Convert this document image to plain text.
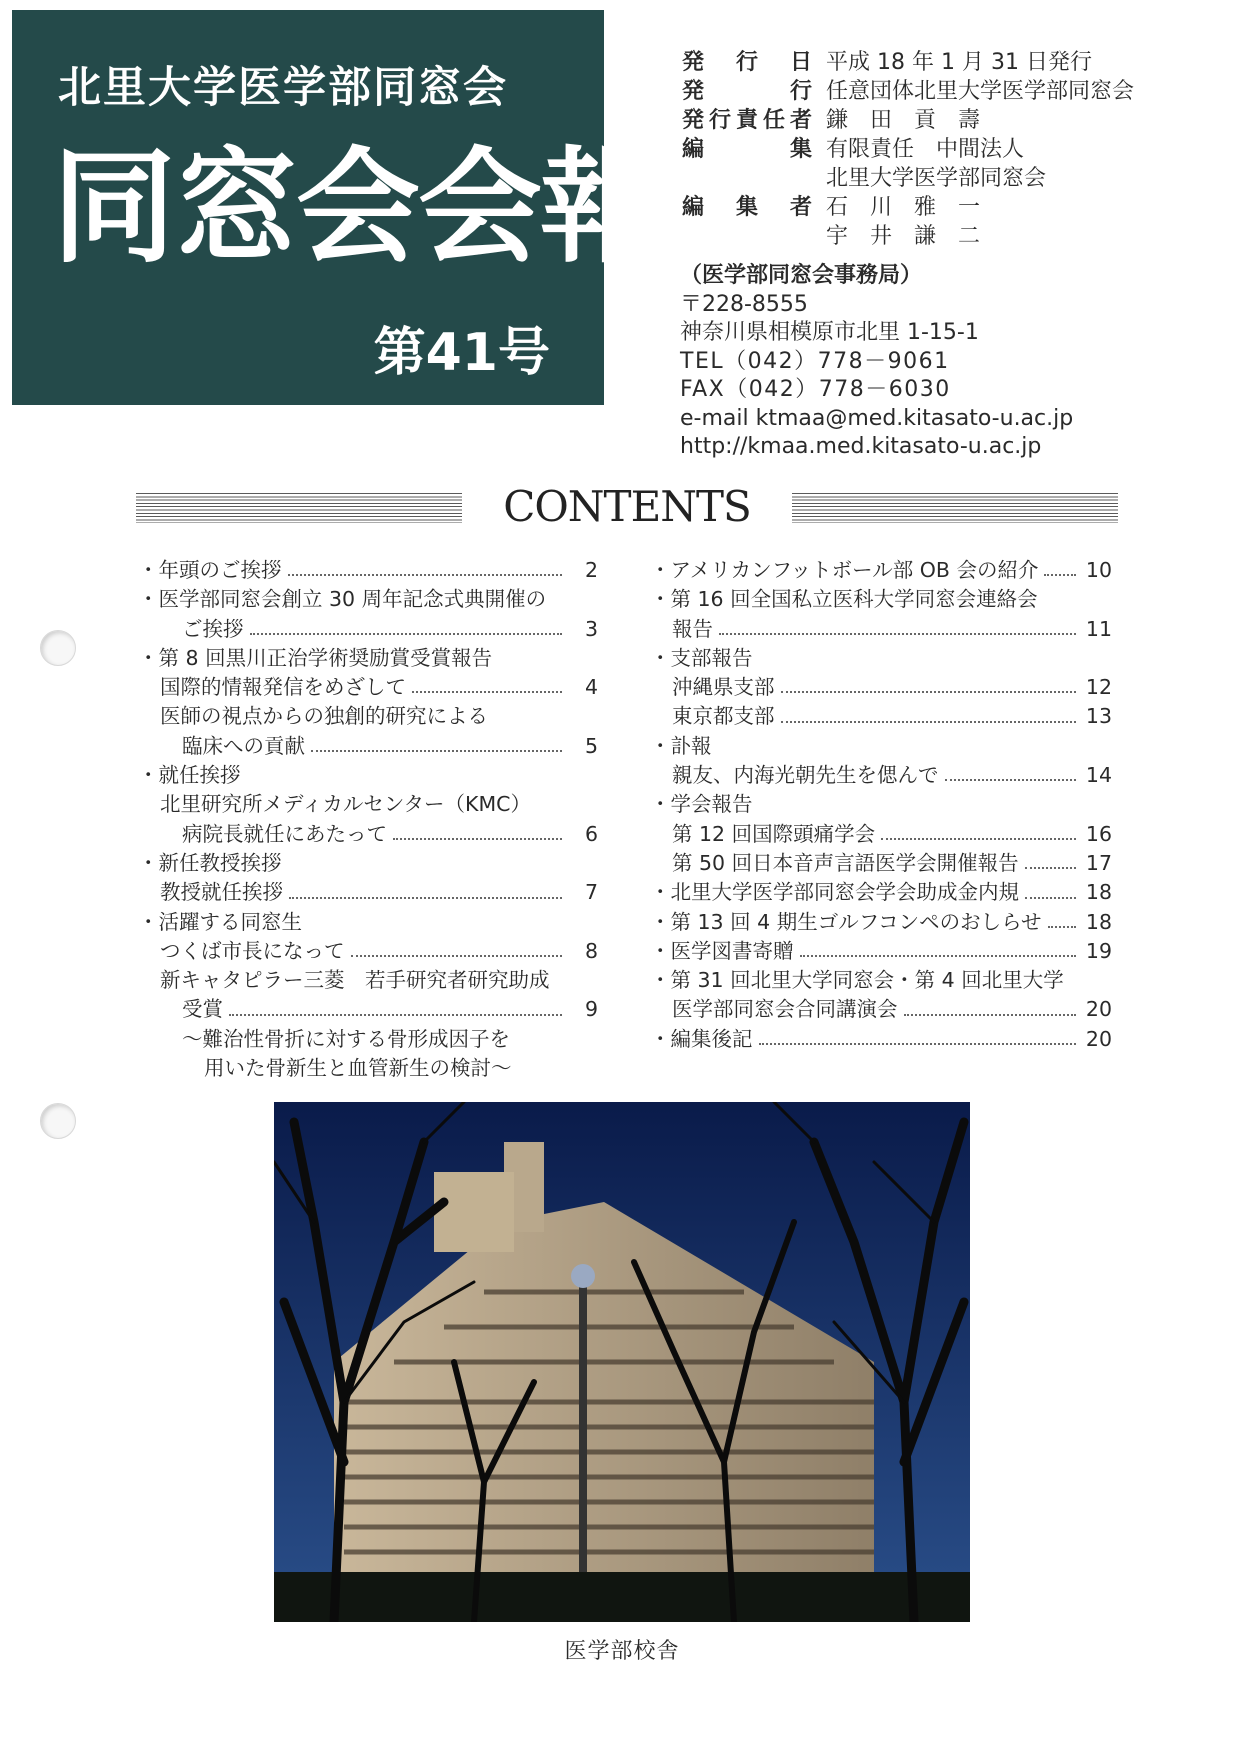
北里大学医学部同窓会
同窓会会報
第41号
発行日 平成 18 年 1 月 31 日発行
発行 任意団体北里大学医学部同窓会
発行責任者 鎌　田　貢　壽
編集 有限責任　中間法人
北里大学医学部同窓会
編集者 石　川　雅　一
宇　井　謙　二
（医学部同窓会事務局）
〒228-8555
神奈川県相模原市北里 1-15-1
TEL（042）778－9061
FAX（042）778－6030
e-mail ktmaa@med.kitasato-u.ac.jp
http://kmaa.med.kitasato-u.ac.jp
CONTENTS
・年頭のご挨拶	2
・医学部同窓会創立 30 周年記念式典開催の
ご挨拶	3
・第 8 回黒川正治学術奨励賞受賞報告
国際的情報発信をめざして	4
医師の視点からの独創的研究による
臨床への貢献	5
・就任挨拶
北里研究所メディカルセンター（KMC）
病院長就任にあたって	6
・新任教授挨拶
教授就任挨拶	7
・活躍する同窓生
つくば市長になって	8
新キャタピラー三菱　若手研究者研究助成
受賞	9
～難治性骨折に対する骨形成因子を
用いた骨新生と血管新生の検討～
・アメリカンフットボール部 OB 会の紹介 10
・第 16 回全国私立医科大学同窓会連絡会
報告	11
・支部報告
沖縄県支部	12
東京都支部	13
・訃報
親友、内海光朝先生を偲んで	14
・学会報告
第 12 回国際頭痛学会	16
第 50 回日本音声言語医学会開催報告	17
・北里大学医学部同窓会学会助成金内規	18
・第 13 回 4 期生ゴルフコンペのおしらせ 18
・医学図書寄贈	19
・第 31 回北里大学同窓会・第 4 回北里大学
医学部同窓会合同講演会	20
・編集後記	20
医学部校舎
